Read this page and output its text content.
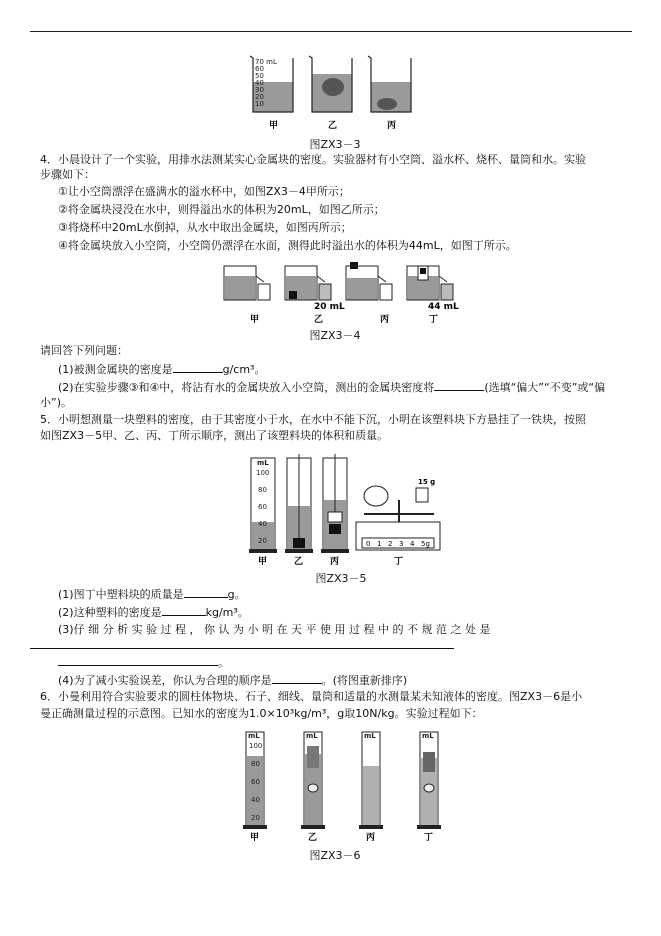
70 mL
60
50
40
30
20
10
甲	乙	丙
图ZX3－3
4．小晨设计了一个实验，用排水法测某实心金属块的密度。实验器材有小空筒、溢水杯、烧杯、量筒和水。实验
步骤如下：
①让小空筒漂浮在盛满水的溢水杯中，如图ZX3－4甲所示；
②将金属块浸没在水中，则得溢出水的体积为20mL，如图乙所示；
③将烧杯中20mL水倒掉，从水中取出金属块，如图丙所示；
④将金属块放入小空筒，小空筒仍漂浮在水面，测得此时溢出水的体积为44mL，如图丁所示。
20 mL	44 mL
甲	乙	丙	丁
图ZX3－4
请回答下列问题：
(1)被测金属块的密度是	g/cm³。
(2)在实验步骤③和④中，将沾有水的金属块放入小空筒，测出的金属块密度将	(选填“偏大”“不变”或“偏
小”)。
5．小明想测量一块塑料的密度，由于其密度小于水，在水中不能下沉，小明在该塑料块下方悬挂了一铁块，按照
如图ZX3－5甲、乙、丙、丁所示顺序，测出了该塑料块的体积和质量。
mL
100
80
60
40
20
15 g
0 1 2 3 4 5g
甲	乙	丙	丁
图ZX3－5
(1)图丁中塑料块的质量是	g。
(2)这种塑料的密度是	kg/m³。
(3)仔 细 分 析 实 验 过 程 ， 你 认 为 小 明 在 天 平 使 用 过 程 中 的 不 规 范 之 处 是
。
(4)为了减小实验误差，你认为合理的顺序是	。(将图重新排序)
6．小曼利用符合实验要求的圆柱体物块、石子、细线、量筒和适量的水测量某未知液体的密度。图ZX3－6是小
曼正确测量过程的示意图。已知水的密度为1.0×10³kg/m³，g取10N/kg。实验过程如下：
mL	mL	mL	mL
100
80
60
40
20
甲	乙	丙	丁
图ZX3－6
